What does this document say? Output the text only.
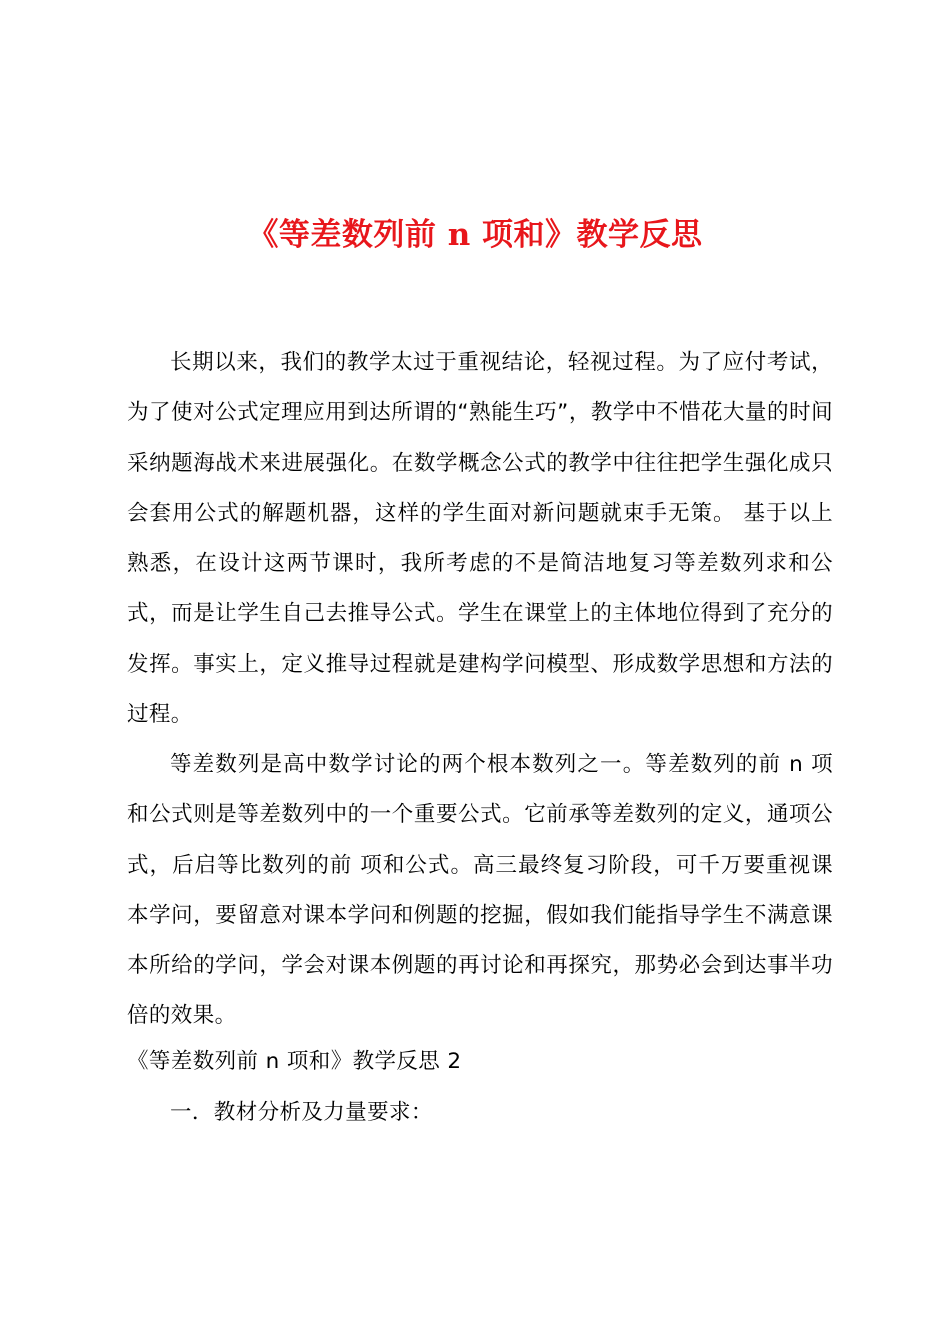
《等差数列前 n 项和》教学反思
长期以来，我们的教学太过于重视结论，轻视过程。为了应付考试，为了使对公式定理应用到达所谓的“熟能生巧”，教学中不惜花大量的时间采纳题海战术来进展强化。在数学概念公式的教学中往往把学生强化成只会套用公式的解题机器，这样的学生面对新问题就束手无策。 基于以上熟悉，在设计这两节课时，我所考虑的不是简洁地复习等差数列求和公式，而是让学生自己去推导公式。学生在课堂上的主体地位得到了充分的发挥。事实上，定义推导过程就是建构学问模型、形成数学思想和方法的过程。
等差数列是高中数学讨论的两个根本数列之一。等差数列的前 n 项和公式则是等差数列中的一个重要公式。它前承等差数列的定义，通项公式，后启等比数列的前 项和公式。高三最终复习阶段，可千万要重视课本学问，要留意对课本学问和例题的挖掘，假如我们能指导学生不满意课本所给的学问，学会对课本例题的再讨论和再探究，那势必会到达事半功倍的效果。
《等差数列前 n 项和》教学反思 2
一．教材分析及力量要求：
